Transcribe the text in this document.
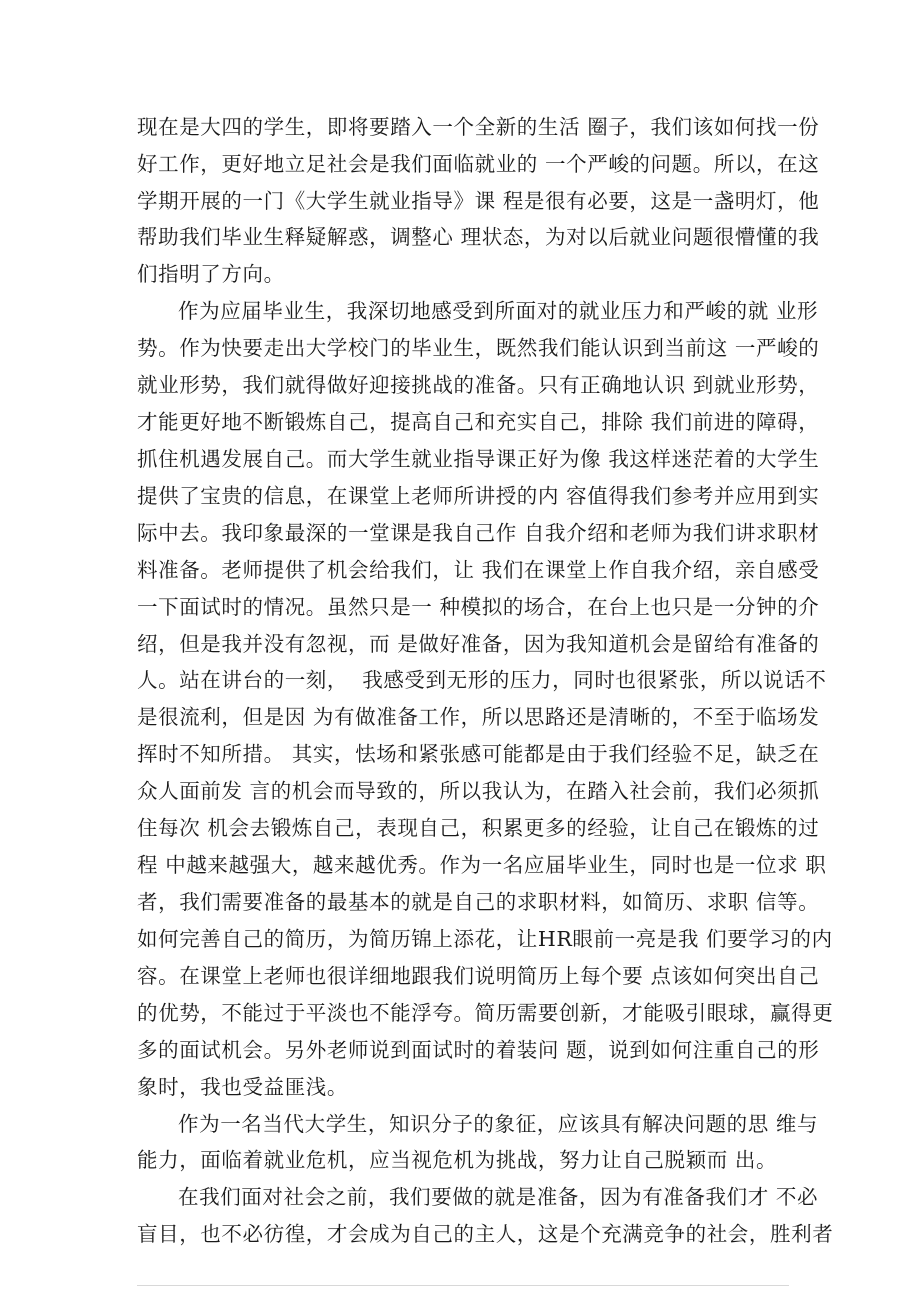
现在是大四的学生，即将要踏入一个全新的生活 圈子，我们该如何找一份
好工作，更好地立足社会是我们面临就业的 一个严峻的问题。所以，在这
学期开展的一门《大学生就业指导》课 程是很有必要，这是一盏明灯，他
帮助我们毕业生释疑解惑，调整心 理状态，为对以后就业问题很懵懂的我
们指明了方向。
作为应届毕业生，我深切地感受到所面对的就业压力和严峻的就 业形
势。作为快要走出大学校门的毕业生，既然我们能认识到当前这 一严峻的
就业形势，我们就得做好迎接挑战的准备。只有正确地认识 到就业形势，
才能更好地不断锻炼自己，提高自己和充实自己，排除 我们前进的障碍，
抓住机遇发展自己。而大学生就业指导课正好为像 我这样迷茫着的大学生
提供了宝贵的信息，在课堂上老师所讲授的内 容值得我们参考并应用到实
际中去。我印象最深的一堂课是我自己作 自我介绍和老师为我们讲求职材
料准备。老师提供了机会给我们，让 我们在课堂上作自我介绍，亲自感受
一下面试时的情况。虽然只是一 种模拟的场合，在台上也只是一分钟的介
绍，但是我并没有忽视，而 是做好准备，因为我知道机会是留给有准备的
人。站在讲台的一刻，  我感受到无形的压力，同时也很紧张，所以说话不
是很流利，但是因 为有做准备工作，所以思路还是清晰的，不至于临场发
挥时不知所措。 其实，怯场和紧张感可能都是由于我们经验不足，缺乏在
众人面前发 言的机会而导致的，所以我认为，在踏入社会前，我们必须抓
住每次 机会去锻炼自己，表现自己，积累更多的经验，让自己在锻炼的过
程 中越来越强大，越来越优秀。作为一名应届毕业生，同时也是一位求 职
者，我们需要准备的最基本的就是自己的求职材料，如简历、求职 信等。
如何完善自己的简历，为简历锦上添花，让HR眼前一亮是我 们要学习的内
容。在课堂上老师也很详细地跟我们说明简历上每个要 点该如何突出自己
的优势，不能过于平淡也不能浮夸。简历需要创新，才能吸引眼球，赢得更
多的面试机会。另外老师说到面试时的着装问 题，说到如何注重自己的形
象时，我也受益匪浅。
作为一名当代大学生，知识分子的象征，应该具有解决问题的思 维与
能力，面临着就业危机，应当视危机为挑战，努力让自己脱颖而 出。
在我们面对社会之前，我们要做的就是准备，因为有准备我们才 不必
盲目，也不必彷徨，才会成为自己的主人，这是个充满竞争的社会，胜利者
